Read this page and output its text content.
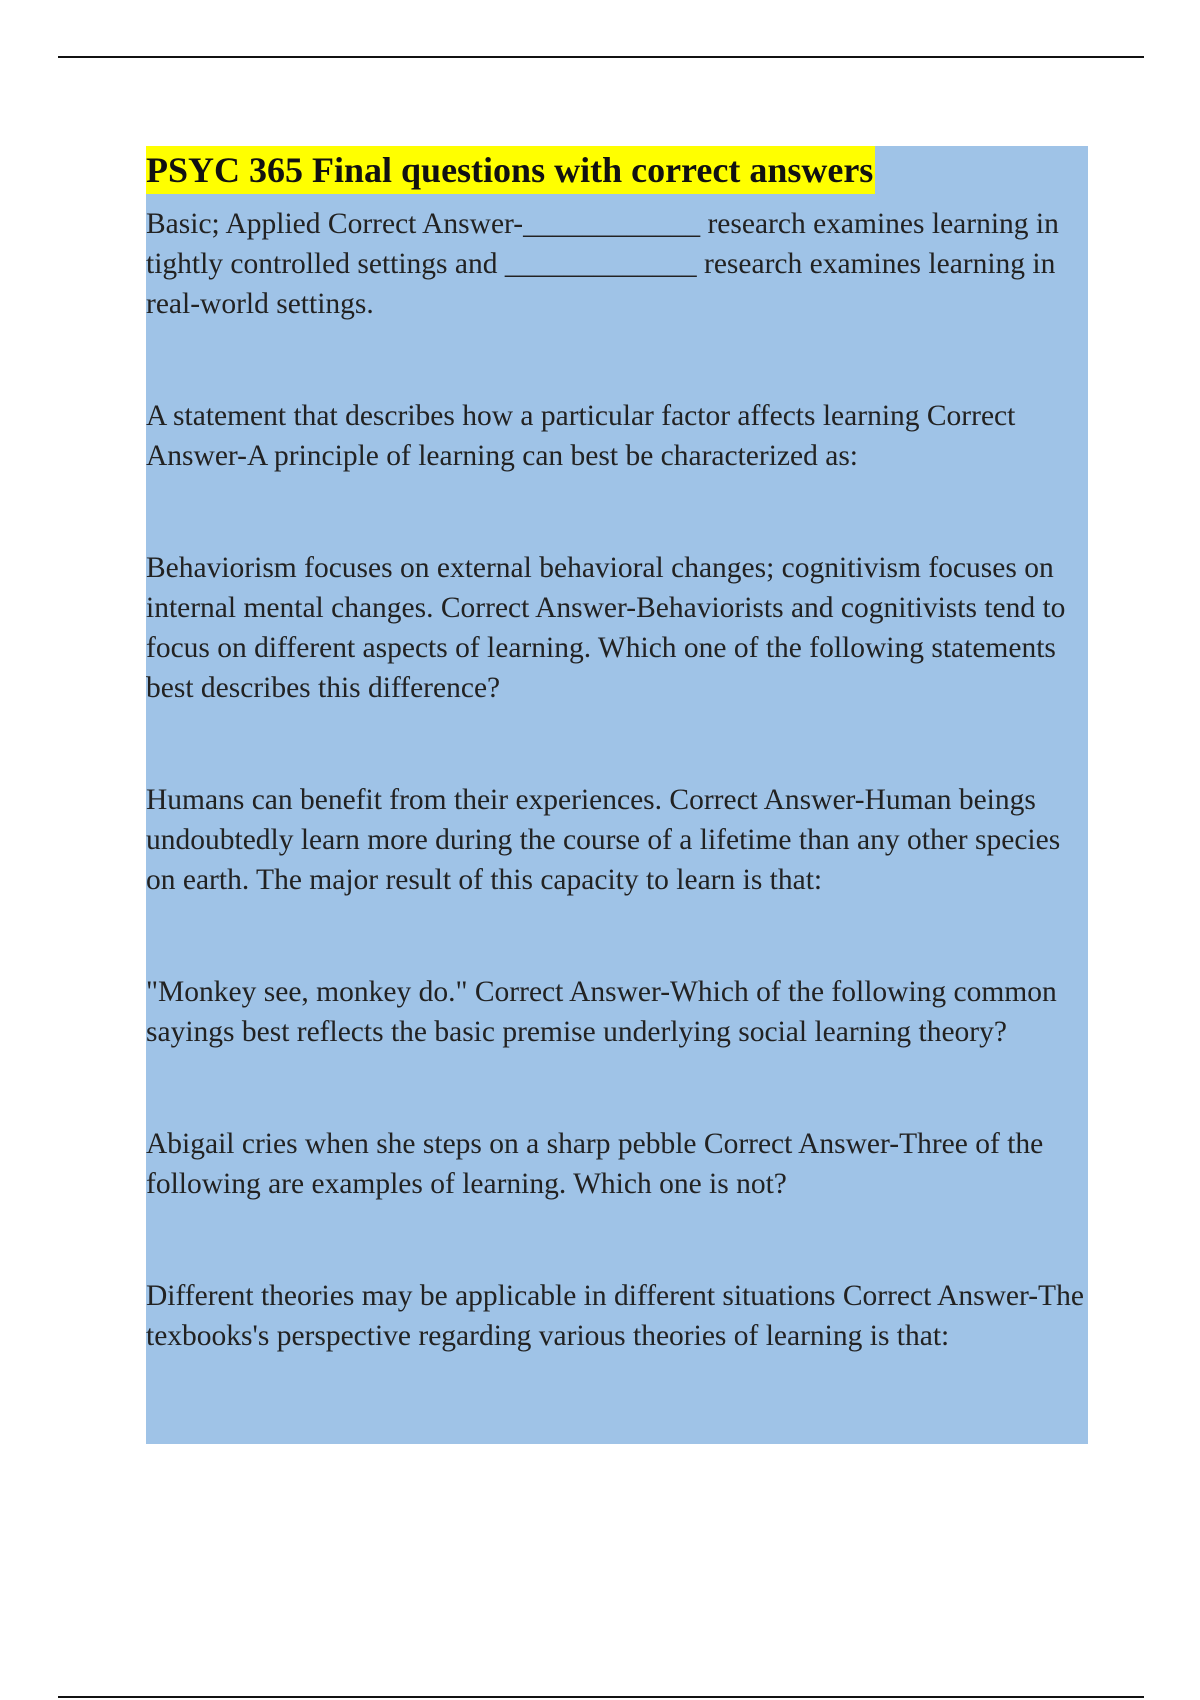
PSYC 365 Final questions with correct answers
Basic; Applied Correct Answer-____________ research examines learning in tightly controlled settings and _____________ research examines learning in real-world settings.
A statement that describes how a particular factor affects learning Correct Answer-A principle of learning can best be characterized as:
Behaviorism focuses on external behavioral changes; cognitivism focuses on internal mental changes. Correct Answer-Behaviorists and cognitivists tend to focus on different aspects of learning. Which one of the following statements best describes this difference?
Humans can benefit from their experiences. Correct Answer-Human beings undoubtedly learn more during the course of a lifetime than any other species on earth. The major result of this capacity to learn is that:
"Monkey see, monkey do." Correct Answer-Which of the following common sayings best reflects the basic premise underlying social learning theory?
Abigail cries when she steps on a sharp pebble Correct Answer-Three of the following are examples of learning. Which one is not?
Different theories may be applicable in different situations Correct Answer-The texbooks's perspective regarding various theories of learning is that:
